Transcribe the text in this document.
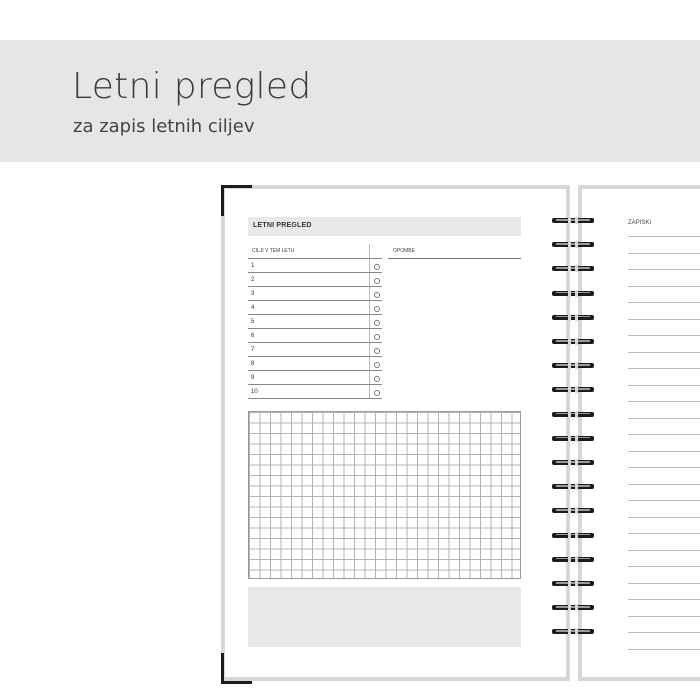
Letni pregled
za zapis letnih ciljev
LETNI PREGLED
CILJI V TEM LETU	OPOMBE
1
2
3
4
5
6
7
8
9
10
ZAPISKI
